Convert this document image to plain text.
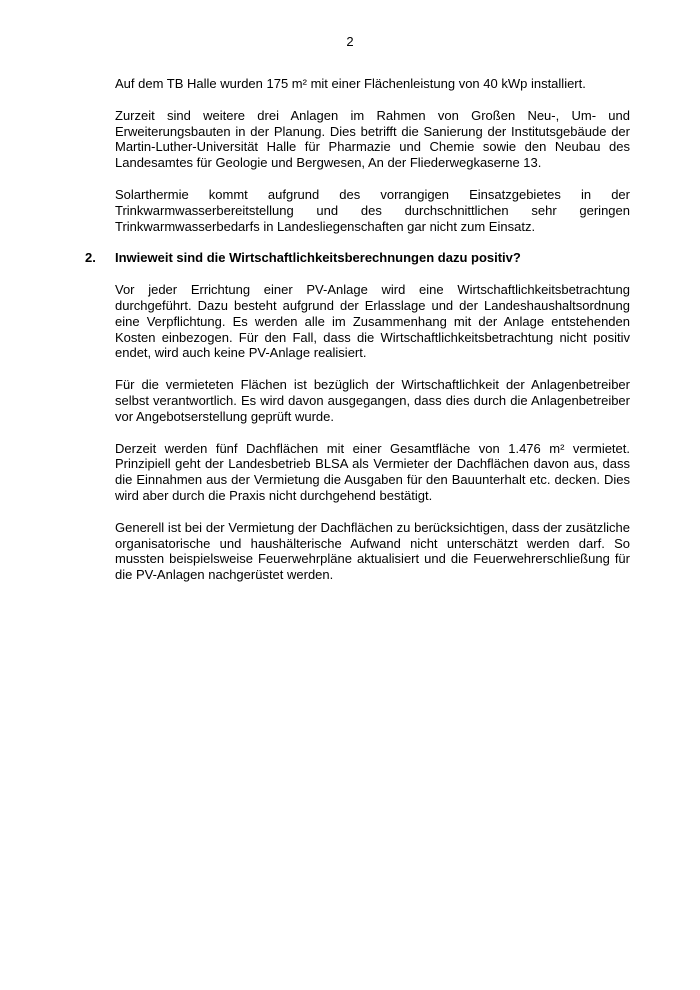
2

Auf dem TB Halle wurden 175 m² mit einer Flächenleistung von 40 kWp installiert.

Zurzeit sind weitere drei Anlagen im Rahmen von Großen Neu-, Um- und Erweiterungsbauten in der Planung. Dies betrifft die Sanierung der Institutsgebäude der Martin-Luther-Universität Halle für Pharmazie und Chemie sowie den Neubau des Landesamtes für Geologie und Bergwesen, An der Fliederwegkaserne 13.

Solarthermie kommt aufgrund des vorrangigen Einsatzgebietes in der Trinkwarmwasserbereitstellung und des durchschnittlichen sehr geringen Trinkwarmwasserbedarfs in Landesliegenschaften gar nicht zum Einsatz.

2.	Inwieweit sind die Wirtschaftlichkeitsberechnungen dazu positiv?

Vor jeder Errichtung einer PV-Anlage wird eine Wirtschaftlichkeitsbetrachtung durchgeführt. Dazu besteht aufgrund der Erlasslage und der Landeshaushaltsordnung eine Verpflichtung. Es werden alle im Zusammenhang mit der Anlage entstehenden Kosten einbezogen. Für den Fall, dass die Wirtschaftlichkeitsbetrachtung nicht positiv endet, wird auch keine PV-Anlage realisiert.

Für die vermieteten Flächen ist bezüglich der Wirtschaftlichkeit der Anlagenbetreiber selbst verantwortlich. Es wird davon ausgegangen, dass dies durch die Anlagenbetreiber vor Angebotserstellung geprüft wurde.

Derzeit werden fünf Dachflächen mit einer Gesamtfläche von 1.476 m² vermietet. Prinzipiell geht der Landesbetrieb BLSA als Vermieter der Dachflächen davon aus, dass die Einnahmen aus der Vermietung die Ausgaben für den Bauunterhalt etc. decken. Dies wird aber durch die Praxis nicht durchgehend bestätigt.

Generell ist bei der Vermietung der Dachflächen zu berücksichtigen, dass der zusätzliche organisatorische und haushälterische Aufwand nicht unterschätzt werden darf. So mussten beispielsweise Feuerwehrpläne aktualisiert und die Feuerwehrerschließung für die PV-Anlagen nachgerüstet werden.
